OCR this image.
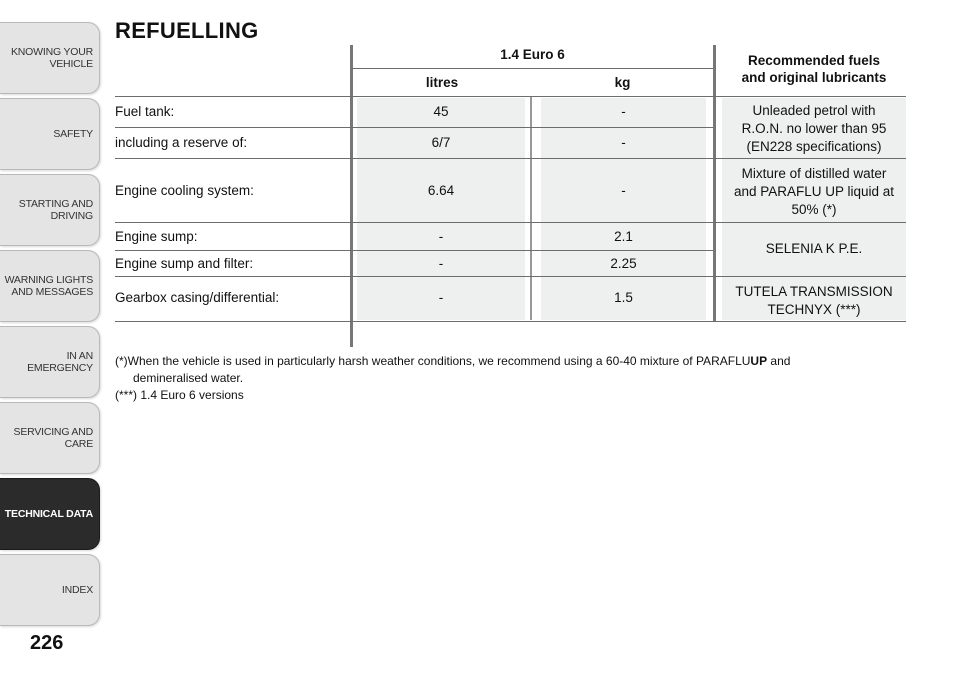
KNOWING YOUR
VEHICLE
SAFETY
STARTING AND
DRIVING
WARNING LIGHTS
AND MESSAGES
IN AN EMERGENCY
SERVICING AND
CARE
TECHNICAL DATA
INDEX
226
REFUELLING
1.4 Euro 6
litres	kg
Recommended fuels
and original lubricants
Fuel tank:
including a reserve of:
Engine cooling system:
Engine sump:
Engine sump and filter:
Gearbox casing/differential:
45
6/7
6.64
-
-
-
-
-
-
2.1
2.25
1.5
Unleaded petrol with
R.O.N. no lower than 95
(EN228 specifications)
Mixture of distilled water
and PARAFLU UP liquid at
50% (*)
SELENIA K P.E.
TUTELA TRANSMISSION
TECHNYX (***)
(*)When the vehicle is used in particularly harsh weather conditions, we recommend using a 60-40 mixture of PARAFLUUP and
demineralised water.
(***) 1.4 Euro 6 versions
